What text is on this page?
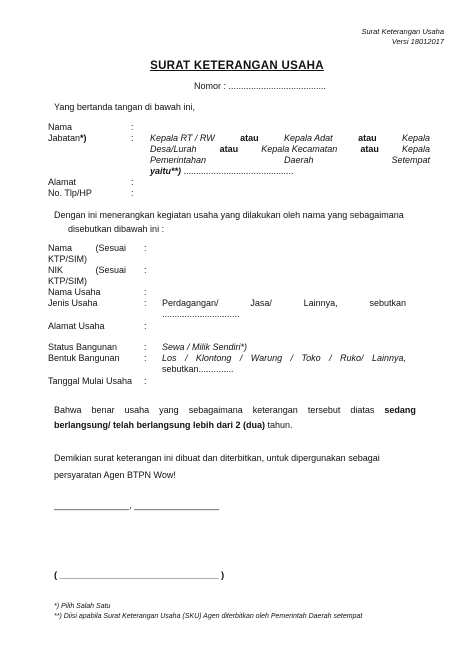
Surat Keterangan Usaha
Versi 18012017
SURAT KETERANGAN USAHA
Nomor : .......................................
Yang bertanda tangan di bawah ini,
Nama	:
Jabatan*)	: Kepala RT / RW	atau	Kepala Adat	atau	Kepala
Desa/Lurah	atau	Kepala Kecamatan	atau	Kepala
Pemerintahan	Daerah	Setempat
yaitu**) ............................................
Alamat	:
No. Tlp/HP	:
Dengan ini menerangkan kegiatan usaha yang dilakukan oleh nama yang sebagaimana
disebutkan dibawah ini :
Nama	(Sesuai :
KTP/SIM)
NIK	(Sesuai :
KTP/SIM)
Nama Usaha	:
Jenis Usaha	: Perdagangan/	Jasa/	Lainnya,	sebutkan
...............................
Alamat Usaha	:
Status Bangunan	: Sewa / Milik Sendiri*)
Bentuk Bangunan	: Los / Klontong / Warung / Toko / Ruko/ Lainnya,
sebutkan..............
Tanggal Mulai Usaha :
Bahwa benar usaha yang sebagaimana keterangan tersebut diatas sedang
berlangsung/ telah berlangsung lebih dari 2 (dua) tahun.
Demikian surat keterangan ini dibuat dan diterbitkan, untuk dipergunakan sebagai
persyaratan Agen BTPN Wow!
_______________, _________________
( ______________________________ )
*) Pilih Salah Satu
**) Diisi apabila Surat Keterangan Usaha (SKU) Agen diterbitkan oleh Pemerintah Daerah setempat
